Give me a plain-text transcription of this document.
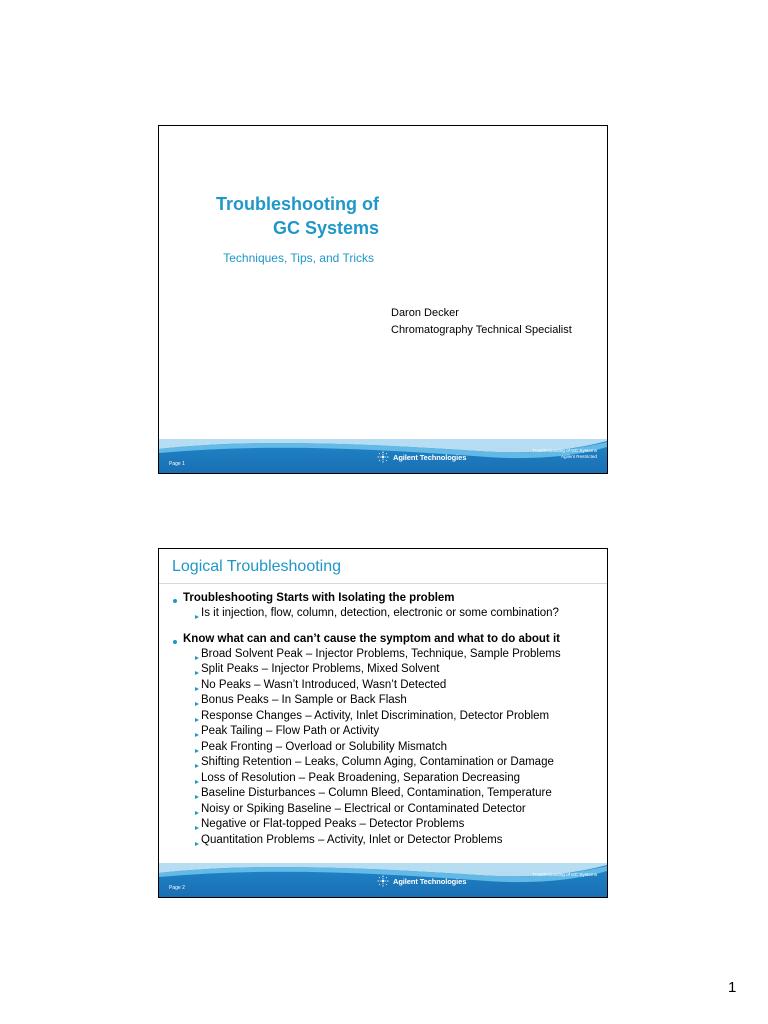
Troubleshooting of
GC Systems
Techniques, Tips, and Tricks
Daron Decker
Chromatography Technical Specialist
Page 1
Agilent Technologies
Troubleshooting of GC Systems
Agilent Restricted
Logical Troubleshooting
Troubleshooting Starts with Isolating the problem
Is it injection, flow, column, detection, electronic or some combination?
Know what can and can’t cause the symptom and what to do about it
Broad Solvent Peak – Injector Problems, Technique, Sample Problems
Split Peaks – Injector Problems, Mixed Solvent
No Peaks – Wasn’t Introduced, Wasn’t Detected
Bonus Peaks – In Sample or Back Flash
Response Changes – Activity, Inlet Discrimination, Detector Problem
Peak Tailing – Flow Path or Activity
Peak Fronting – Overload or Solubility Mismatch
Shifting Retention – Leaks, Column Aging, Contamination or Damage
Loss of Resolution – Peak Broadening, Separation Decreasing
Baseline Disturbances – Column Bleed, Contamination, Temperature
Noisy or Spiking Baseline – Electrical or Contaminated Detector
Negative or Flat-topped Peaks – Detector Problems
Quantitation Problems – Activity, Inlet or Detector Problems
Page 2
Agilent Technologies
Troubleshooting of GC Systems
1
